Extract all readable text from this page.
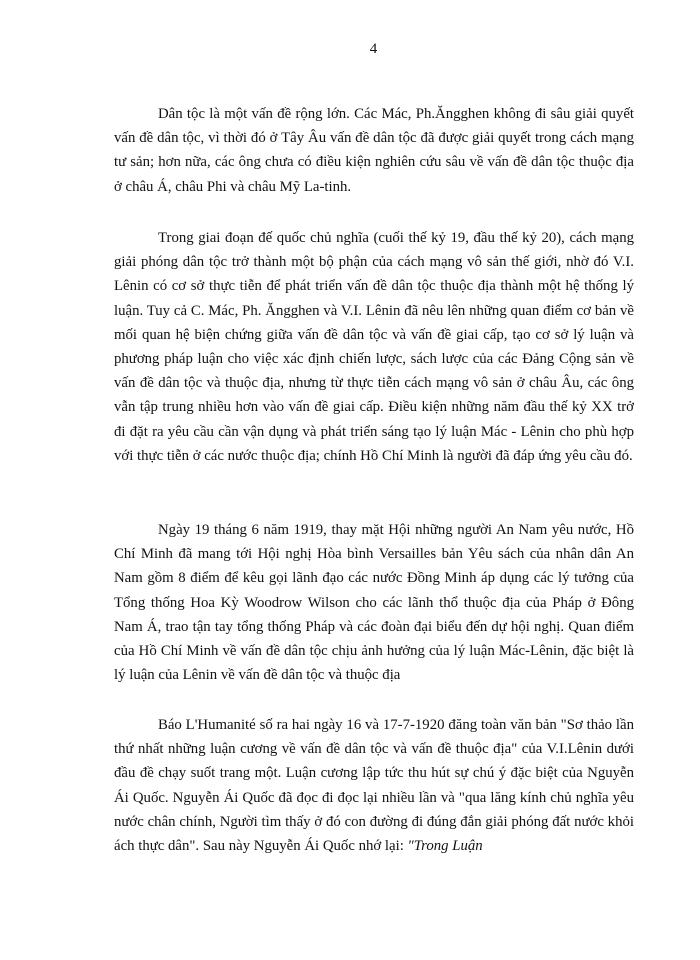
4

Dân tộc là một vấn đề rộng lớn. Các Mác, Ph.Ăngghen không đi sâu giải quyết vấn đề dân tộc, vì thời đó ở Tây Âu vấn đề dân tộc đã được giải quyết trong cách mạng tư sản; hơn nữa, các ông chưa có điều kiện nghiên cứu sâu về vấn đề dân tộc thuộc địa ở châu Á, châu Phi và châu Mỹ La-tinh.

Trong giai đoạn đế quốc chủ nghĩa (cuối thế kỷ 19, đầu thế kỷ 20), cách mạng giải phóng dân tộc trở thành một bộ phận của cách mạng vô sản thế giới, nhờ đó V.I. Lênin có cơ sở thực tiễn để phát triển vấn đề dân tộc thuộc địa thành một hệ thống lý luận. Tuy cả C. Mác, Ph. Ăngghen và V.I. Lênin đã nêu lên những quan điểm cơ bản về mối quan hệ biện chứng giữa vấn đề dân tộc và vấn đề giai cấp, tạo cơ sở lý luận và phương pháp luận cho việc xác định chiến lược, sách lược của các Đảng Cộng sản về vấn đề dân tộc và thuộc địa, nhưng từ thực tiễn cách mạng vô sản ở châu Âu, các ông vẫn tập trung nhiều hơn vào vấn đề giai cấp. Điều kiện những năm đầu thế kỷ XX trở đi đặt ra yêu cầu cần vận dụng và phát triển sáng tạo lý luận Mác - Lênin cho phù hợp với thực tiễn ở các nước thuộc địa; chính Hồ Chí Minh là người đã đáp ứng yêu cầu đó.

Ngày 19 tháng 6 năm 1919, thay mặt Hội những người An Nam yêu nước, Hồ Chí Minh đã mang tới Hội nghị Hòa bình Versailles bản Yêu sách của nhân dân An Nam gồm 8 điểm để kêu gọi lãnh đạo các nước Đồng Minh áp dụng các lý tưởng của Tổng thống Hoa Kỳ Woodrow Wilson cho các lãnh thổ thuộc địa của Pháp ở Đông Nam Á, trao tận tay tổng thống Pháp và các đoàn đại biểu đến dự hội nghị. Quan điểm của Hồ Chí Minh về vấn đề dân tộc chịu ảnh hưởng của lý luận Mác-Lênin, đặc biệt là lý luận của Lênin về vấn đề dân tộc và thuộc địa

Báo L'Humanité số ra hai ngày 16 và 17-7-1920 đăng toàn văn bản "Sơ thảo lần thứ nhất những luận cương về vấn đề dân tộc và vấn đề thuộc địa" của V.I.Lênin dưới đầu đề chạy suốt trang một. Luận cương lập tức thu hút sự chú ý đặc biệt của Nguyễn Ái Quốc. Nguyễn Ái Quốc đã đọc đi đọc lại nhiều lần và "qua lăng kính chủ nghĩa yêu nước chân chính, Người tìm thấy ở đó con đường đi đúng đắn giải phóng đất nước khỏi ách thực dân". Sau này Nguyễn Ái Quốc nhớ lại: "Trong Luận
